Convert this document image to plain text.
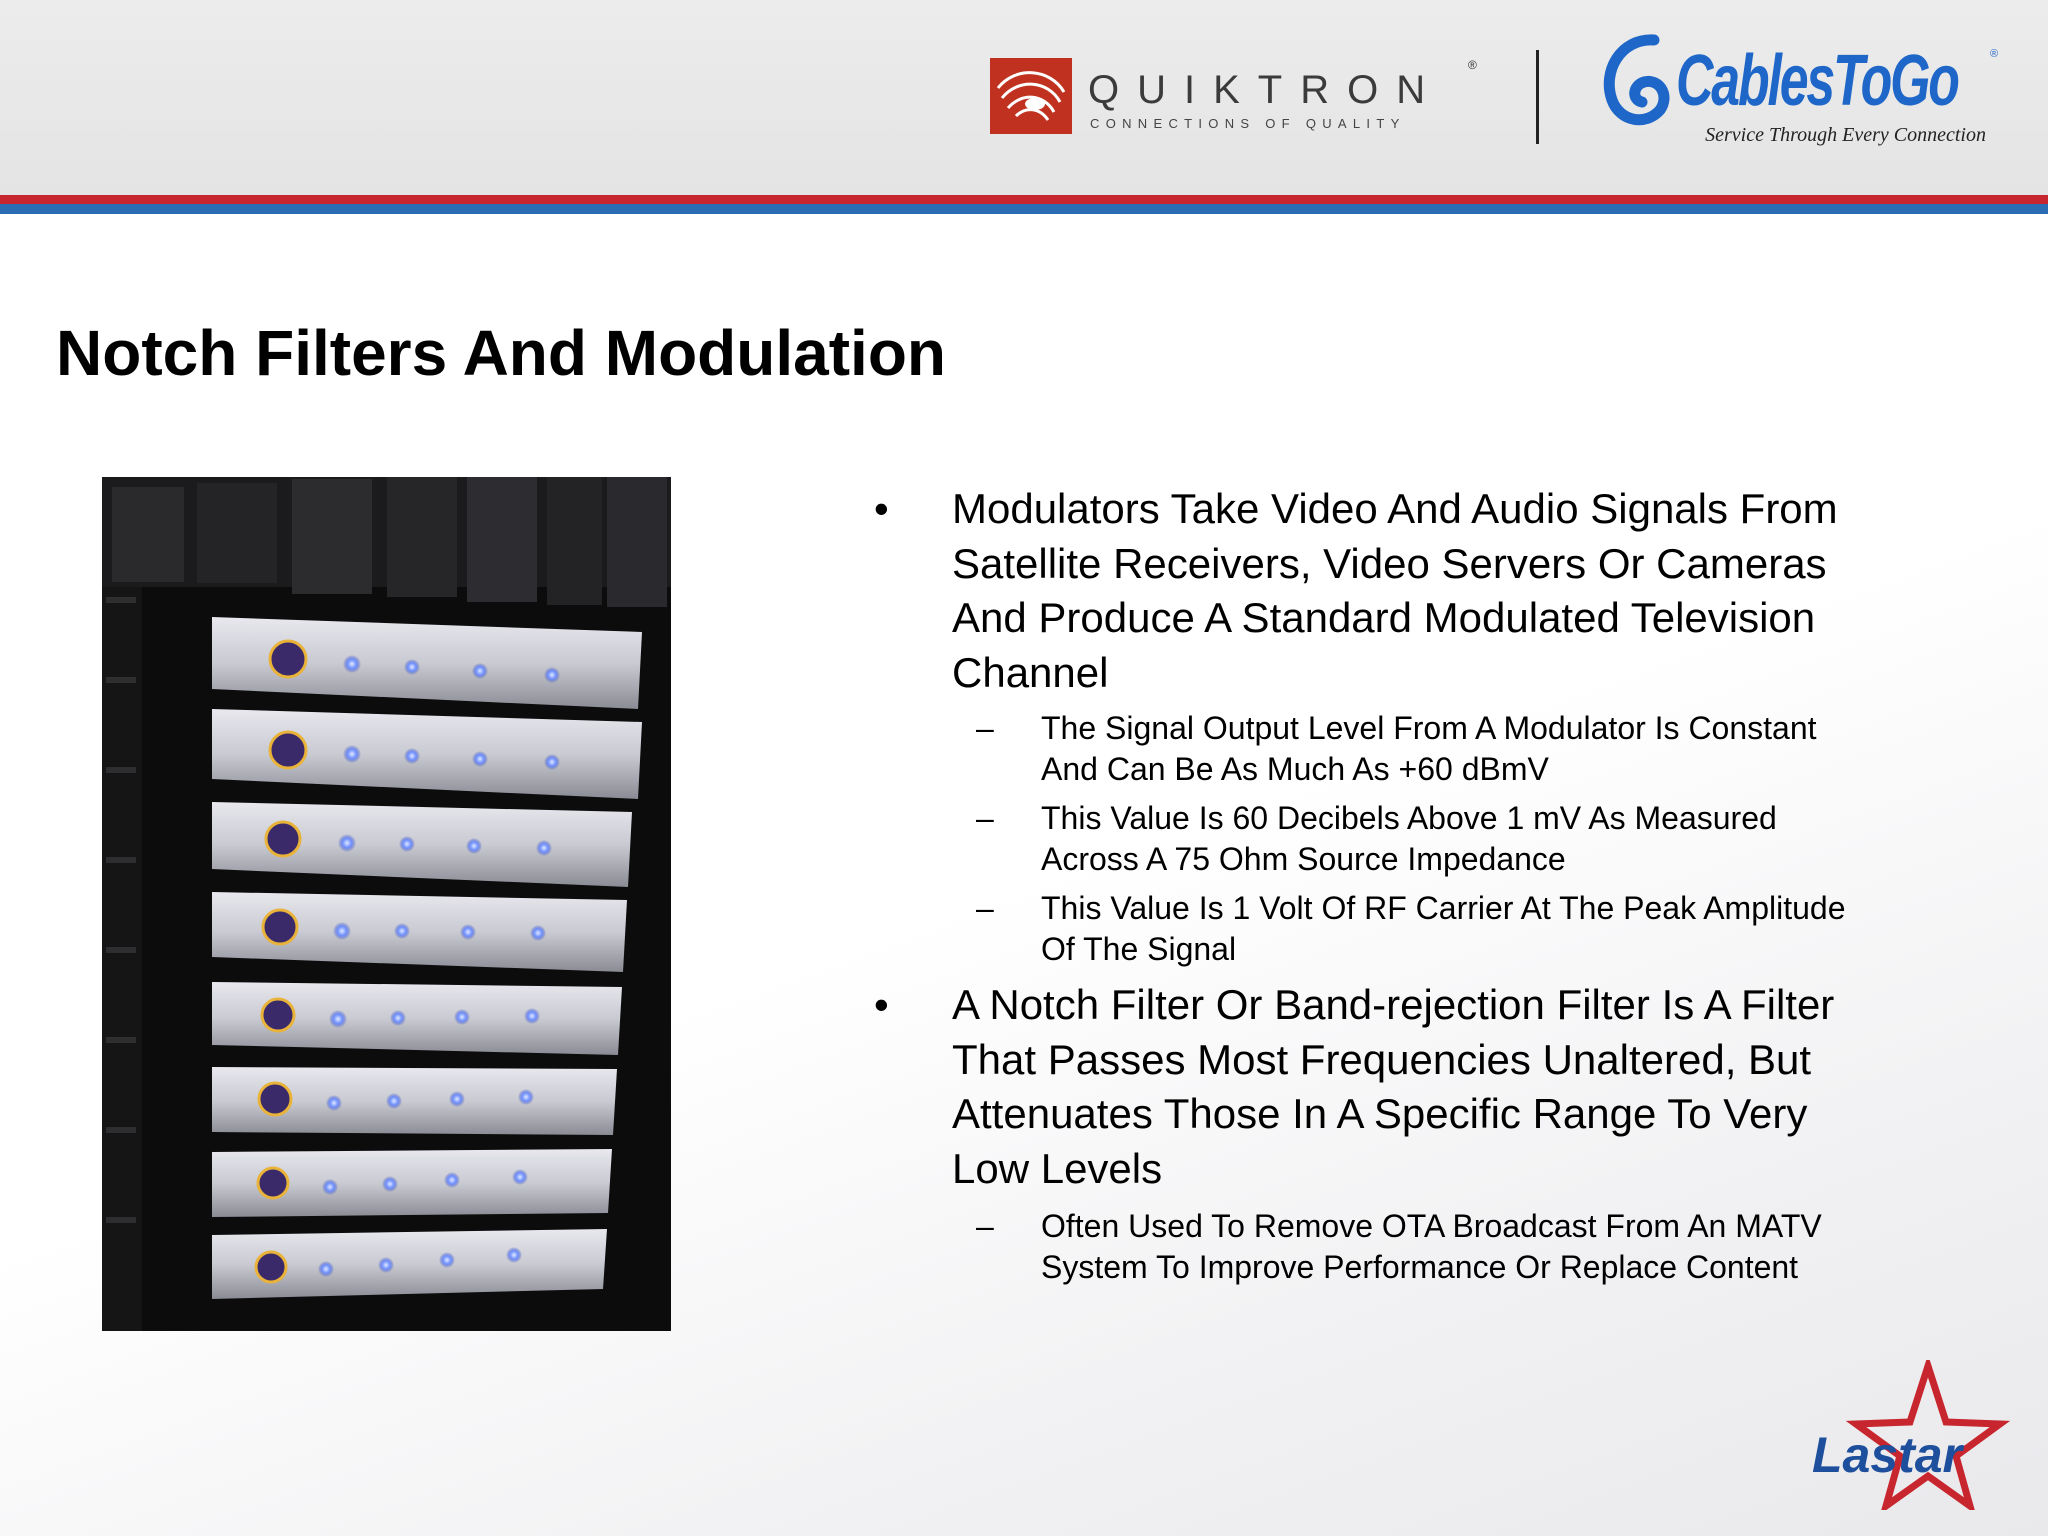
QUIKTRON
®
CONNECTIONS OF QUALITY
CablesToGo	®
Service Through Every Connection
Notch Filters And Modulation
• Modulators Take Video And Audio Signals From Satellite Receivers, Video Servers Or Cameras And Produce A Standard Modulated Television Channel
– The Signal Output Level From A Modulator Is Constant And Can Be As Much As +60 dBmV
– This Value Is 60 Decibels Above 1 mV As Measured Across A 75 Ohm Source Impedance
– This Value Is 1 Volt Of RF Carrier At The Peak Amplitude Of The Signal
• A Notch Filter Or Band-rejection Filter Is A Filter That Passes Most Frequencies Unaltered, But Attenuates Those In A Specific Range To Very Low Levels
– Often Used To Remove OTA Broadcast From An MATV System To Improve Performance Or Replace Content
Lastar
